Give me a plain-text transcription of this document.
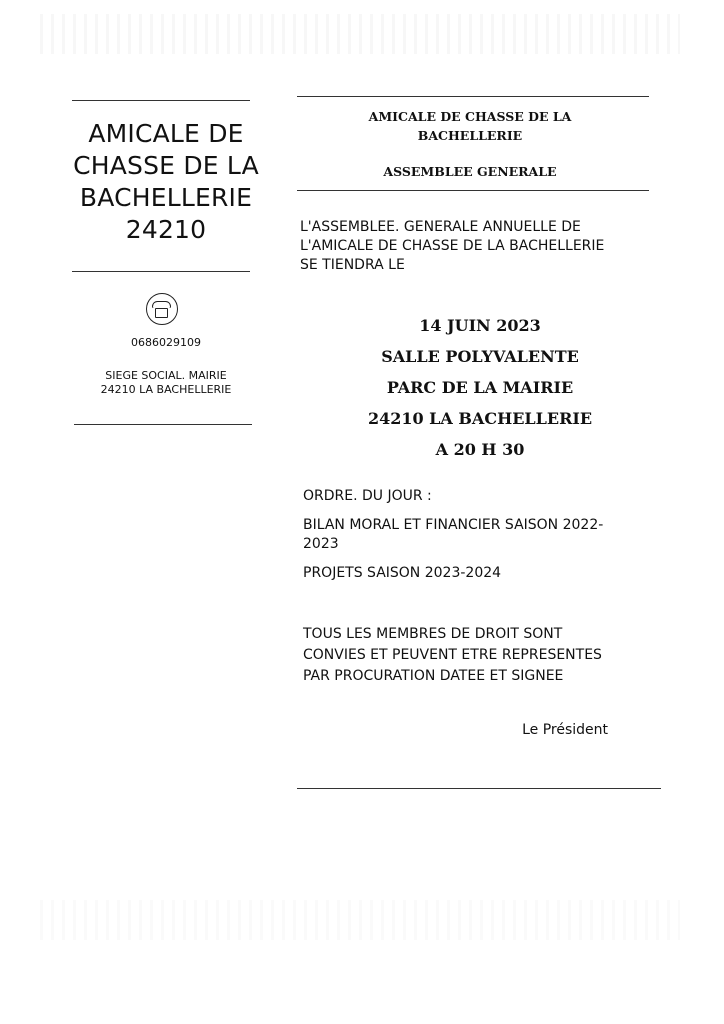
AMICALE DE
CHASSE DE LA
BACHELLERIE
24210
0686029109
SIEGE SOCIAL. MAIRIE
24210 LA BACHELLERIE
AMICALE DE CHASSE DE LA
BACHELLERIE
ASSEMBLEE GENERALE
L'ASSEMBLEE. GENERALE ANNUELLE DE
L'AMICALE DE CHASSE DE LA BACHELLERIE
SE TIENDRA LE
14 JUIN 2023
SALLE POLYVALENTE
PARC DE LA MAIRIE
24210 LA BACHELLERIE
A 20 H 30
ORDRE. DU JOUR :
BILAN MORAL ET FINANCIER SAISON 2022-
2023
PROJETS SAISON 2023-2024
TOUS LES MEMBRES DE DROIT SONT
CONVIES ET PEUVENT ETRE REPRESENTES
PAR PROCURATION DATEE ET SIGNEE
Le Président
